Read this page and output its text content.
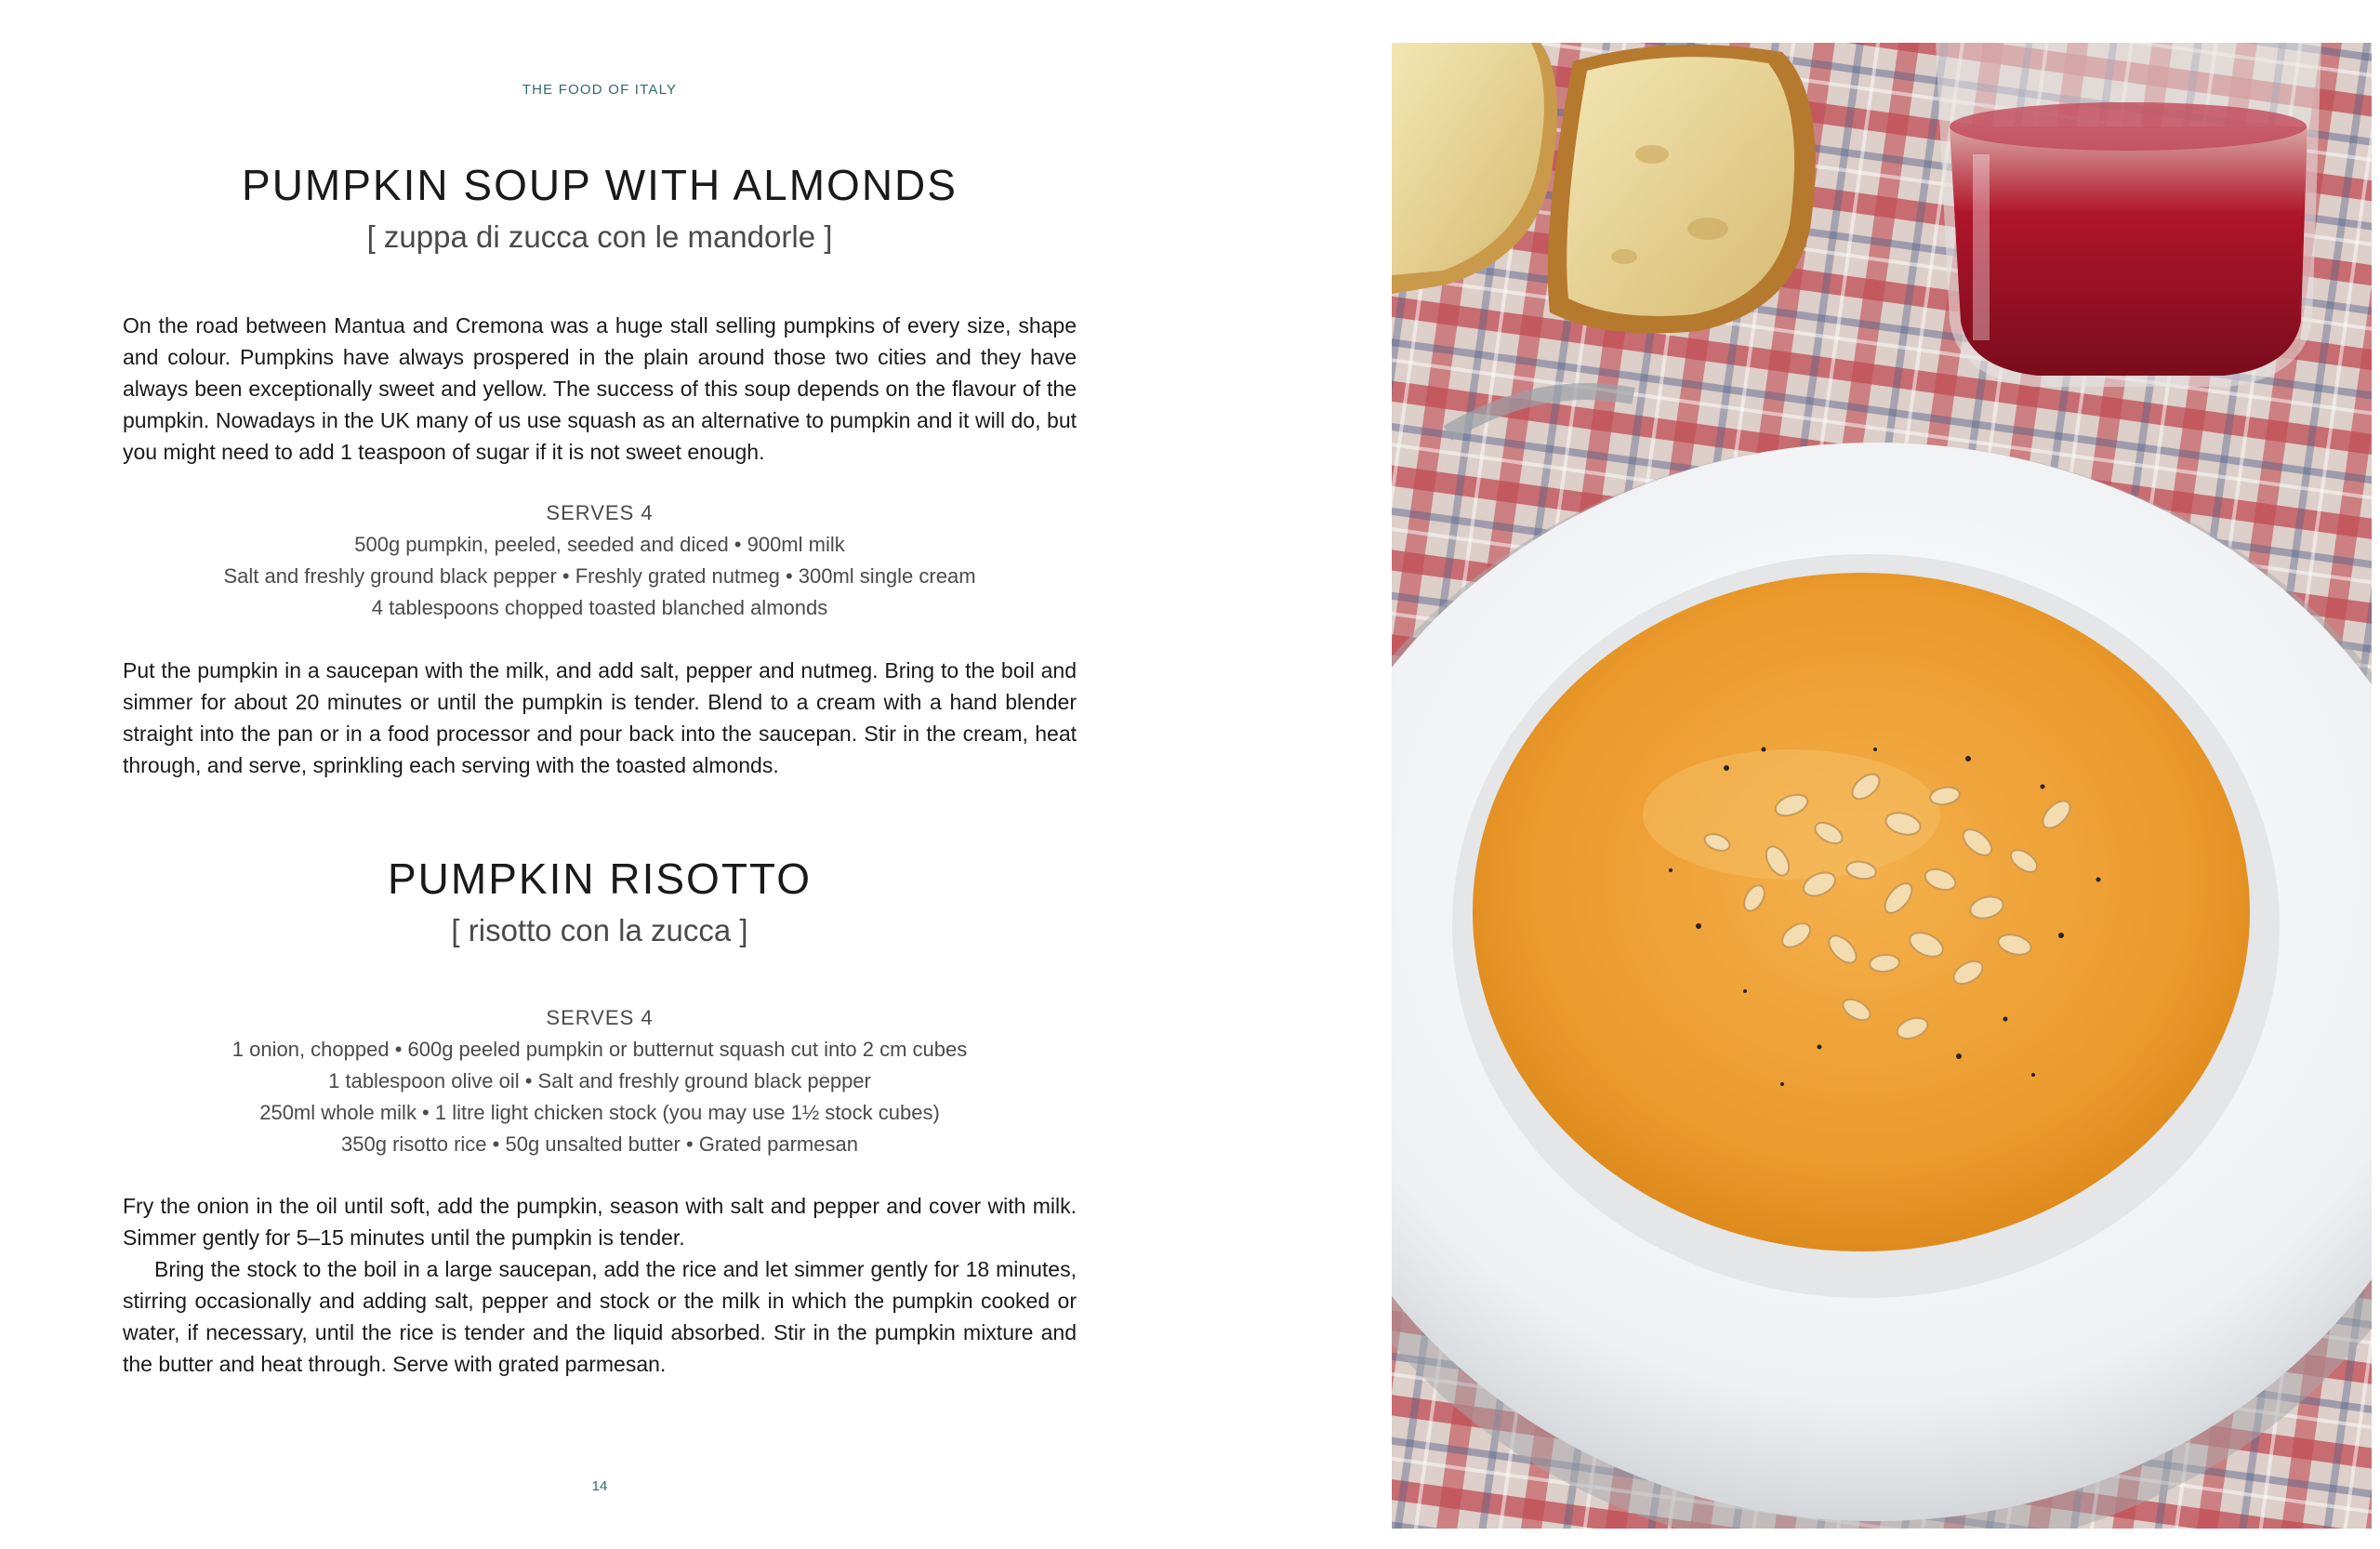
THE FOOD OF ITALY
PUMPKIN SOUP WITH ALMONDS
[ zuppa di zucca con le mandorle ]

On the road between Mantua and Cremona was a huge stall selling pumpkins of every size, shape and colour. Pumpkins have always prospered in the plain around those two cities and they have always been exceptionally sweet and yellow. The success of this soup depends on the flavour of the pumpkin. Nowadays in the UK many of us use squash as an alternative to pumpkin and it will do, but you might need to add 1 teaspoon of sugar if it is not sweet enough.

SERVES 4
500g pumpkin, peeled, seeded and diced • 900ml milk
Salt and freshly ground black pepper • Freshly grated nutmeg • 300ml single cream
4 tablespoons chopped toasted blanched almonds

Put the pumpkin in a saucepan with the milk, and add salt, pepper and nutmeg. Bring to the boil and simmer for about 20 minutes or until the pumpkin is tender. Blend to a cream with a hand blender straight into the pan or in a food processor and pour back into the saucepan. Stir in the cream, heat through, and serve, sprinkling each serving with the toasted almonds.

PUMPKIN RISOTTO
[ risotto con la zucca ]
SERVES 4
1 onion, chopped • 600g peeled pumpkin or butternut squash cut into 2 cm cubes
1 tablespoon olive oil • Salt and freshly ground black pepper
250ml whole milk • 1 litre light chicken stock (you may use 1½ stock cubes)
350g risotto rice • 50g unsalted butter • Grated parmesan

Fry the onion in the oil until soft, add the pumpkin, season with salt and pepper and cover with milk. Simmer gently for 5–15 minutes until the pumpkin is tender.

Bring the stock to the boil in a large saucepan, add the rice and let simmer gently for 18 minutes, stirring occasionally and adding salt, pepper and stock or the milk in which the pumpkin cooked or water, if necessary, until the rice is tender and the liquid absorbed. Stir in the pumpkin mixture and the butter and heat through. Serve with grated parmesan.

14
